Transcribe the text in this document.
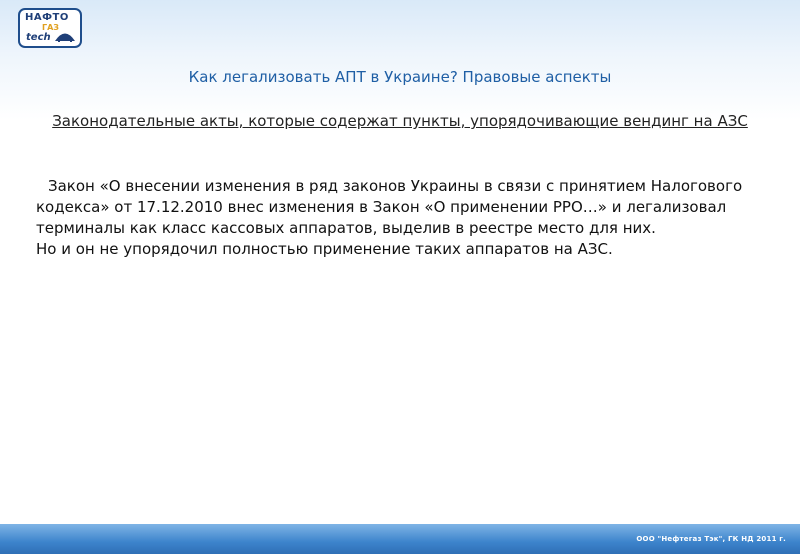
НАФТО
ГАЗ
tech
Как легализовать АПТ в Украине? Правовые аспекты
Законодательные акты, которые содержат пункты, упорядочивающие вендинг на АЗС

Закон «О внесении изменения в ряд законов Украины в связи с принятием Налогового кодекса» от 17.12.2010 внес изменения в Закон «О применении РРО…» и легализовал терминалы как класс кассовых аппаратов, выделив в реестре место для них.

Но и он не упорядочил полностью применение таких аппаратов на АЗС.

ООО "Нефтегаз Тэк", ГК НД 2011 г.
